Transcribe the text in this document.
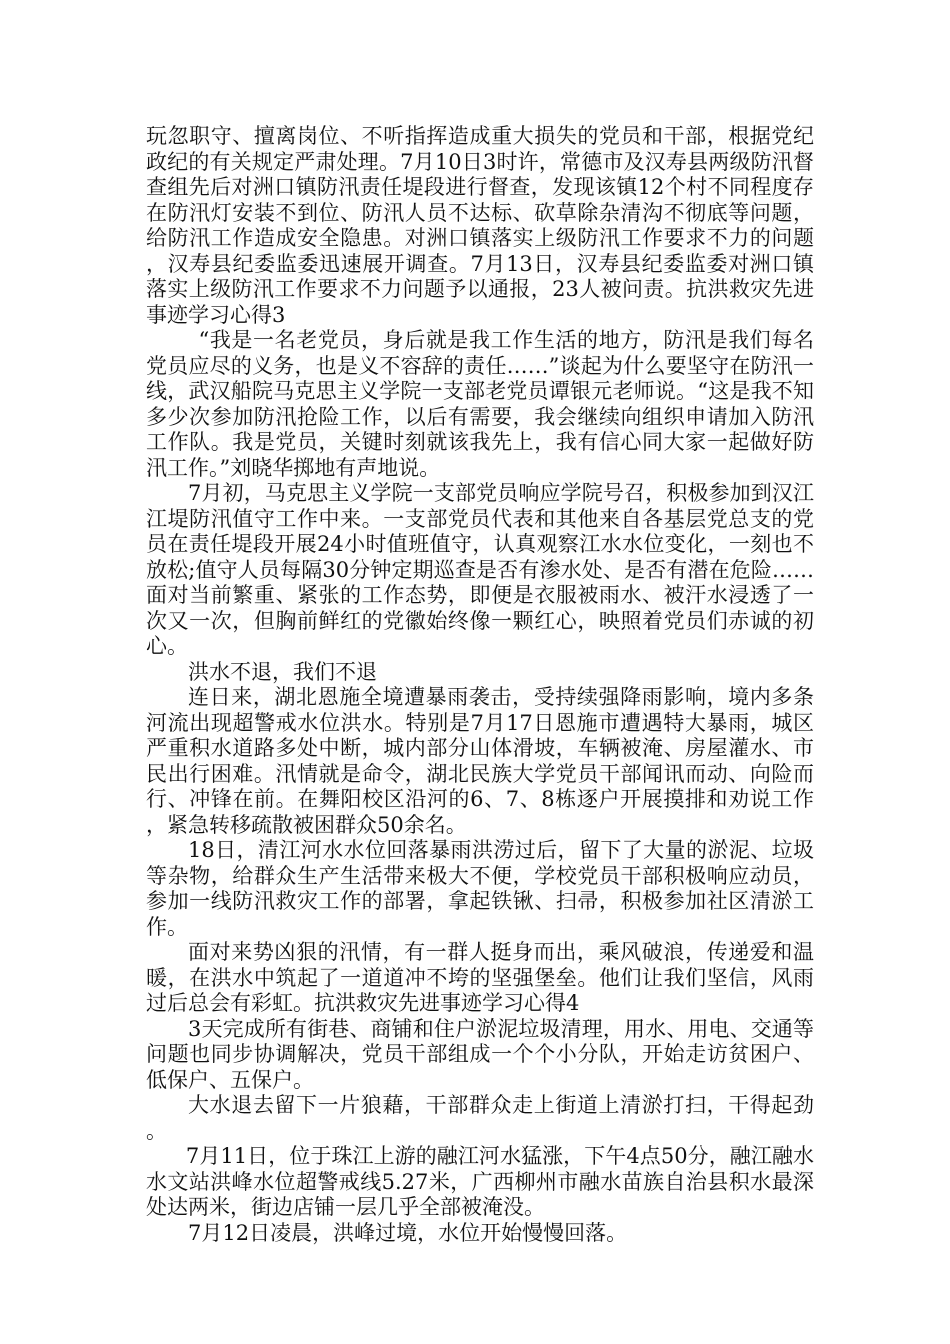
玩忽职守、擅离岗位、不听指挥造成重大损失的党员和干部，根据党纪政纪的有关规定严肃处理。7月10日3时许，常德市及汉寿县两级防汛督查组先后对洲口镇防汛责任堤段进行督查，发现该镇12个村不同程度存在防汛灯安装不到位、防汛人员不达标、砍草除杂清沟不彻底等问题，给防汛工作造成安全隐患。对洲口镇落实上级防汛工作要求不力的问题，汉寿县纪委监委迅速展开调查。7月13日，汉寿县纪委监委对洲口镇落实上级防汛工作要求不力问题予以通报，23人被问责。抗洪救灾先进事迹学习心得3

“我是一名老党员，身后就是我工作生活的地方，防汛是我们每名党员应尽的义务，也是义不容辞的责任……”谈起为什么要坚守在防汛一线，武汉船院马克思主义学院一支部老党员谭银元老师说。“这是我不知多少次参加防汛抢险工作，以后有需要，我会继续向组织申请加入防汛工作队。我是党员，关键时刻就该我先上，我有信心同大家一起做好防汛工作。”刘晓华掷地有声地说。

7月初，马克思主义学院一支部党员响应学院号召，积极参加到汉江江堤防汛值守工作中来。一支部党员代表和其他来自各基层党总支的党员在责任堤段开展24小时值班值守，认真观察江水水位变化，一刻也不放松;值守人员每隔30分钟定期巡查是否有渗水处、是否有潜在危险……面对当前繁重、紧张的工作态势，即便是衣服被雨水、被汗水浸透了一次又一次，但胸前鲜红的党徽始终像一颗红心，映照着党员们赤诚的初心。

洪水不退，我们不退

连日来，湖北恩施全境遭暴雨袭击，受持续强降雨影响，境内多条河流出现超警戒水位洪水。特别是7月17日恩施市遭遇特大暴雨，城区严重积水道路多处中断，城内部分山体滑坡，车辆被淹、房屋灌水、市民出行困难。汛情就是命令，湖北民族大学党员干部闻讯而动、向险而行、冲锋在前。在舞阳校区沿河的6、7、8栋逐户开展摸排和劝说工作，紧急转移疏散被困群众50余名。

18日，清江河水水位回落暴雨洪涝过后，留下了大量的淤泥、垃圾等杂物，给群众生产生活带来极大不便，学校党员干部积极响应动员，参加一线防汛救灾工作的部署，拿起铁锹、扫帚，积极参加社区清淤工作。

面对来势凶狠的汛情，有一群人挺身而出，乘风破浪，传递爱和温暖，在洪水中筑起了一道道冲不垮的坚强堡垒。他们让我们坚信，风雨过后总会有彩虹。抗洪救灾先进事迹学习心得4

3天完成所有街巷、商铺和住户淤泥垃圾清理，用水、用电、交通等问题也同步协调解决，党员干部组成一个个小分队，开始走访贫困户、低保户、五保户。

大水退去留下一片狼藉，干部群众走上街道上清淤打扫，干得起劲。

7月11日，位于珠江上游的融江河水猛涨，下午4点50分，融江融水水文站洪峰水位超警戒线5.27米，广西柳州市融水苗族自治县积水最深处达两米，街边店铺一层几乎全部被淹没。

7月12日凌晨，洪峰过境，水位开始慢慢回落。
